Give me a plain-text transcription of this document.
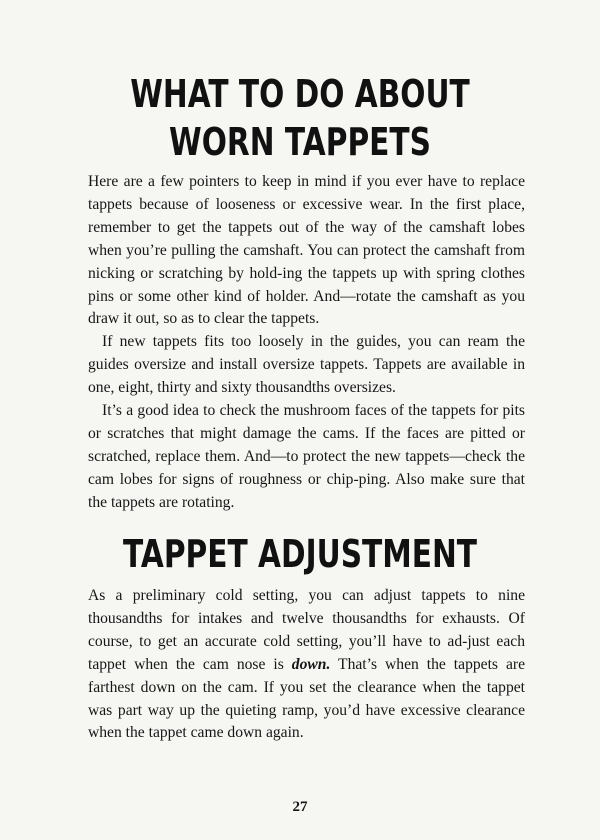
WHAT TO DO ABOUT WORN TAPPETS

Here are a few pointers to keep in mind if you ever have to replace tappets because of looseness or excessive wear. In the first place, remember to get the tappets out of the way of the camshaft lobes when you’re pulling the camshaft. You can protect the camshaft from nicking or scratching by hold-ing the tappets up with spring clothes pins or some other kind of holder. And—rotate the camshaft as you draw it out, so as to clear the tappets.

If new tappets fits too loosely in the guides, you can ream the guides oversize and install oversize tappets. Tappets are available in one, eight, thirty and sixty thousandths oversizes.

It’s a good idea to check the mushroom faces of the tappets for pits or scratches that might damage the cams. If the faces are pitted or scratched, replace them. And—to protect the new tappets—check the cam lobes for signs of roughness or chip-ping. Also make sure that the tappets are rotating.

TAPPET ADJUSTMENT

As a preliminary cold setting, you can adjust tappets to nine thousandths for intakes and twelve thousandths for exhausts. Of course, to get an accurate cold setting, you’ll have to ad-just each tappet when the cam nose is down. That’s when the tappets are farthest down on the cam. If you set the clearance when the tappet was part way up the quieting ramp, you’d have excessive clearance when the tappet came down again.

27
